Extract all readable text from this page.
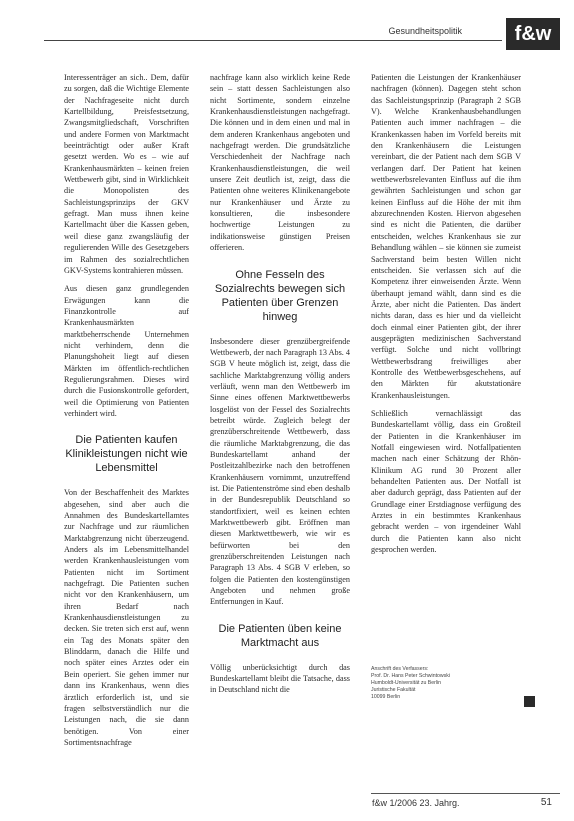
Gesundheitspolitik	f&w

Interessenträger an sich.. Dem, dafür zu sorgen, daß die Wichtige Elemente der Nachfrageseite nicht durch Kartellbildung, Preisfestsetzung, Zwangsmitgliedschaft, Vorschriften und andere Formen von Marktmacht beeinträchtigt oder außer Kraft gesetzt werden. Wo es – wie auf Krankenhausmärkten – keinen freien Wettbewerb gibt, sind in Wirklichkeit die Monopolisten des Sachleistungsprinzips der GKV gefragt. Man muss ihnen keine Kartellmacht über die Kassen geben, weil diese ganz zwangsläufig der regulierenden Wille des Gesetzgebers im Rahmen des sozialrechtlichen GKV-Systems kontrahieren müssen.

Aus diesen ganz grundlegenden Erwägungen kann die Finanzkontrolle auf Krankenhausmärkten marktbeherrschende Unternehmen nicht verhindern, denn die Planungshoheit liegt auf diesen Märkten im öffentlich-rechtlichen Regulierungsrahmen. Dieses wird durch die Fusionskontrolle gefordert, weil die Optimierung von Patienten verhindert wird.

Die Patienten kaufen Klinikleistungen nicht wie Lebensmittel

Von der Beschaffenheit des Marktes abgesehen, sind aber auch die Annahmen des Bundeskartellamtes zur Nachfrage und zur räumlichen Marktabgrenzung nicht überzeugend. Anders als im Lebensmittelhandel werden Krankenhausleistungen vom Patienten nicht im Sortiment nachgefragt. Die Patienten suchen nicht vor den Krankenhäusern, um ihren Bedarf nach Krankenhausdienstleistungen zu decken. Sie treten sich erst auf, wenn ein Tag des Monats später den Blinddarm, danach die Hilfe und noch später eines Arztes oder ein Bein operiert. Sie gehen immer nur dann ins Krankenhaus, wenn dies ärztlich erforderlich ist, und sie fragen selbstverständlich nur die Leistungen nach, die sie dann benötigen. Von einer Sortimentsnachfrage

nachfrage kann also wirklich keine Rede sein – statt dessen Sachleistungen also nicht Sortimente, sondern einzelne Krankenhausdienstleistungen nachgefragt. Die können und in dem einen und mal in dem anderen Krankenhaus angeboten und nachgefragt werden. Die grundsätzliche Verschiedenheit der Nachfrage nach Krankenhausdienstleistungen, die weil unsere Zeit deutlich ist, zeigt, dass die Patienten ohne weiteres Klinikenangebote nur Krankenhäuser und Ärzte zu konsultieren, die insbesondere hochwertige Leistungen zu indikationsweise günstigen Preisen offerieren.

Ohne Fesseln des Sozialrechts bewegen sich Patienten über Grenzen hinweg

Insbesondere dieser grenzübergreifende Wettbewerb, der nach Paragraph 13 Abs. 4 SGB V heute möglich ist, zeigt, dass die sachliche Marktabgrenzung völlig anders verläuft, wenn man den Wettbewerb im Sinne eines offenen Marktwettbewerbs losgelöst von der Fessel des Sozialrechts betreibt würde. Zugleich belegt der grenzüberschreitende Wettbewerb, dass die räumliche Marktabgrenzung, die das Bundeskartellamt anhand der Postleitzahlbezirke nach den betroffenen Krankenhäusern vornimmt, unzutreffend ist. Die Patientenströme sind eben deshalb in der Bundesrepublik Deutschland so standortfixiert, weil es keinen echten Marktwettbewerb gibt. Eröffnen man diesen Marktwettbewerb, wie wir es befürworten bei den grenzüberschreitenden Leistungen nach Paragraph 13 Abs. 4 SGB V erleben, so folgen die Patienten den kostengünstigen Angeboten und nehmen große Entfernungen in Kauf.

Die Patienten üben keine Marktmacht aus

Völlig unberücksichtigt durch das Bundeskartellamt bleibt die Tatsache, dass in Deutschland nicht die

Patienten die Leistungen der Krankenhäuser nachfragen (können). Dagegen steht schon das Sachleistungsprinzip (Paragraph 2 SGB V). Welche Krankenhausbehandlungen Patienten auch immer nachfragen – die Krankenkassen haben im Vorfeld bereits mit den Krankenhäusern die Leistungen vereinbart, die der Patient nach dem SGB V verlangen darf. Der Patient hat keinen wettbewerbsrelevanten Einfluss auf die ihm gewährten Sachleistungen und schon gar keinen Einfluss auf die Höhe der mit ihm abzurechnenden Kosten. Hiervon abgesehen sind es nicht die Patienten, die darüber entscheiden, welches Krankenhaus sie zur Behandlung wählen – sie können sie zumeist Sachverstand beim besten Willen nicht entscheiden. Sie verlassen sich auf die Kompetenz ihrer einweisenden Ärzte. Wenn überhaupt jemand wählt, dann sind es die Ärzte, aber nicht die Patienten. Das ändert nichts daran, dass es hier und da vielleicht doch einmal einer Patienten gibt, der ihrer ausgeprägten medizinischen Sachverstand verfügt. Solche und nicht vollbringt Wettbewerbsdrang freiwilliges aber Kontrolle des Wettbewerbsgeschehens, auf den Märkten für akutstationäre Krankenhausleistungen.

Schließlich vernachlässigt das Bundeskartellamt völlig, dass ein Großteil der Patienten in die Krankenhäuser im Notfall eingewiesen wird. Notfallpatienten machen nach einer Schätzung der Rhön-Klinikum AG rund 30 Prozent aller behandelten Patienten aus. Der Notfall ist aber dadurch geprägt, dass Patienten auf der Grundlage einer Erstdiagnose verfügung des Arztes in ein bestimmtes Krankenhaus gebracht werden – von irgendeiner Wahl durch die Patienten kann also nicht gesprochen werden.

Anschrift des Verfassers:
Prof. Dr. Hans Peter Schwintowski
Humboldt-Universität zu Berlin
Juristische Fakultät
10099 Berlin
f&w 1/2006 23. Jahrg.	51
